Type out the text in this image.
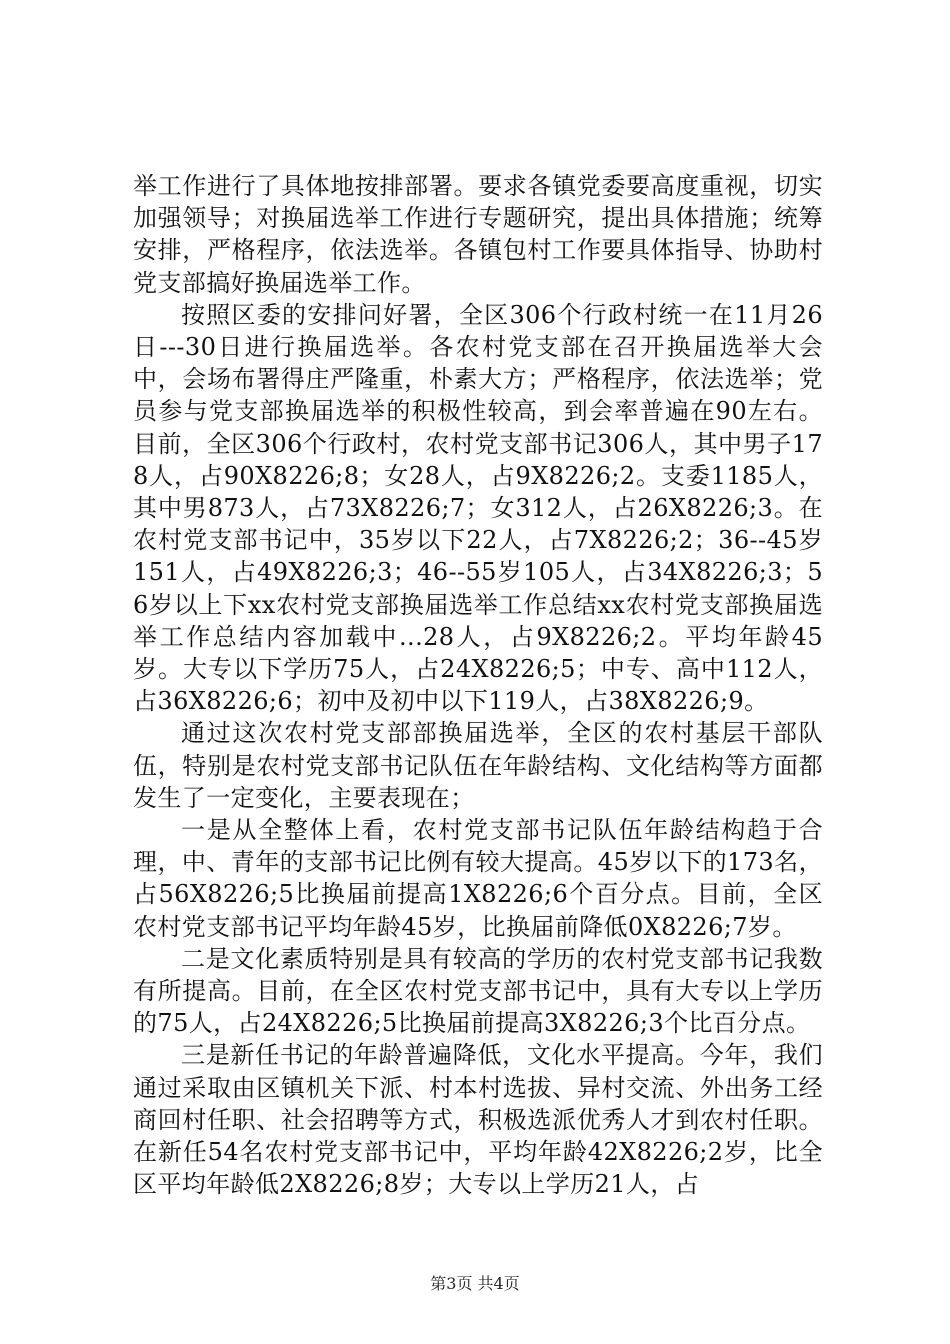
举工作进行了具体地按排部署。要求各镇党委要高度重视，切实加强领导；对换届选举工作进行专题研究，提出具体措施；统筹安排，严格程序，依法选举。各镇包村工作要具体指导、协助村党支部搞好换届选举工作。

按照区委的安排问好署，全区306个行政村统一在11月26日---30日进行换届选举。各农村党支部在召开换届选举大会中，会场布署得庄严隆重，朴素大方；严格程序，依法选举；党员参与党支部换届选举的积极性较高，到会率普遍在90左右。目前，全区306个行政村，农村党支部书记306人，其中男子178人，占90X8226;8；女28人，占9X8226;2。支委1185人，其中男873人，占73X8226;7；女312人，占26X8226;3。在农村党支部书记中，35岁以下22人，占7X8226;2；36--45岁151人，占49X8226;3；46--55岁105人，占34X8226;3；56岁以上下xx农村党支部换届选举工作总结xx农村党支部换届选举工作总结内容加载中...28人，占9X8226;2。平均年龄45岁。大专以下学历75人，占24X8226;5；中专、高中112人，占36X8226;6；初中及初中以下119人，占38X8226;9。

通过这次农村党支部部换届选举，全区的农村基层干部队伍，特别是农村党支部书记队伍在年龄结构、文化结构等方面都发生了一定变化，主要表现在；

一是从全整体上看，农村党支部书记队伍年龄结构趋于合理，中、青年的支部书记比例有较大提高。45岁以下的173名，占56X8226;5比换届前提高1X8226;6个百分点。目前，全区农村党支部书记平均年龄45岁，比换届前降低0X8226;7岁。

二是文化素质特别是具有较高的学历的农村党支部书记我数有所提高。目前，在全区农村党支部书记中，具有大专以上学历的75人，占24X8226;5比换届前提高3X8226;3个比百分点。

三是新任书记的年龄普遍降低，文化水平提高。今年，我们通过采取由区镇机关下派、村本村选拔、异村交流、外出务工经商回村任职、社会招聘等方式，积极选派优秀人才到农村任职。在新任54名农村党支部书记中，平均年龄42X8226;2岁，比全区平均年龄低2X8226;8岁；大专以上学历21人，占

第3页 共4页
